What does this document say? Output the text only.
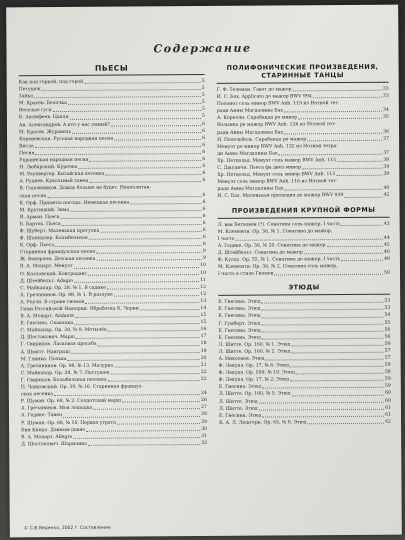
Содержание
ПЬЕСЫ
Как под горкой, под горой	5
Петушок	5
Зайка	5
М. Красев. Белочка	5
Веселые гуси	5
Б. Антюфеев. Цапля	5
Ан. Александров. А кто у нас умный?	6
М. Красев. Журавель	6
Кореневская. Русская народная песня	6
Висла	6
Песня	6
Украинская народная песня	6
Н. Любарский. Курочка	6
М. Раухвергер. Китайская песенка	6
А. Руднев. Кукольный танец	6
В. Сапожников. Дождь больше не будет. Неаполитан-
ская песня	6
К. Орф. Приметы погоды. Немецкая песенка	6
М. Крутицкий. Зима	6
Я. Арман. Пьеса	6
Б. Барток. Пьеса	6
Ф. Шуберт. Маленькая прогулка	6
Ф. Шпиндлер. Колыбельная	6
К. Орф. Пьеса	8
Старинная французская песня	9
Ж. Векерлен. Детская песенка	9
В. А. Моцарт. Менуэт	10
О. Козловский. Контраданс	10
Д. Штейбельт. Adagio	11
С. Майкапар. Ор. 28, № 1. В садике	12
А. Гречанинов. Ор. 98, № 1. В разлуке	12
А. Роули. В стране гномов	13
Гимн Российской Империи. Обработка К. Черни	14
В. А. Моцарт. Andante	15
Е. Гнесина. Скакалка	15
С. Майкапар. Ор. 28, № 8. Мотылёк	16
Д. Шостакович. Марш	17
Г. Свиридов. Ласковая просьба	18
А. Шмитт. Наигрыш	19
М. Глинка. Полька	20
А. Гречанинов. Ор. 98, № 13. Мазурка	21
С. Майкапар. Ор. 28, № 7. Пастушок	22
Г. Свиридов. Колыбельная песенка	22
П. Чайковский. Ор. 39, № 16. Старинная француз-
ская песенка	24
Р. Шуман. Ор. 68, № 2. Солдатский марш	26
А. Гречанинов. Моя лошадка	27
А. Гедике. Танец	28
Р. Шуман. Ор. 68, № 16. Первая утрата	29
Бин Киндо. Давным-давно	30
В. А. Моцарт. Allegro	31
Д. Шостакович. Шарманка	32
ПОЛИФОНИЧЕСКИЕ ПРОИЗВЕДЕНИЯ,
СТАРИННЫЕ ТАНЦЫ
Г. Ф. Телеман. Гавот до мажор	33
И. С. Бах. Applicato до мажор BWV 994	33
Полонез соль минор BWV Anh. 119 из Нотной тет-
ради Анны Магдалины Бах	34
А. Корелли. Сарабанда ре минор	35
Волынка ре мажор BWV Anh. 126 из Нотной тет-
ради Анны Магдалины Бах	36
И. Пахельбель. Сарабанда ре мажор	37
Менуэт ре минор BWV Anh. 132 из Нотной тетра-
ди Анны Магдалины Бах	37
Хр. Петцольд. Менуэт соль мажор BWV Anh. 115	38
С. Джудичи. Пьеса фа диез минор	39
Хр. Петцольд. Менуэт соль минор BWV Anh. 115	39
Менуэт соль минор BWV Anh. 116 из Нотной тет-
ради Анны Магдалины Бах	40
И. С. Бах. Маленькая прелюдия до мажор BWV 939	42
ПРОИЗВЕДЕНИЯ КРУПНОЙ ФОРМЫ
Л. ван Бетховен (?). Сонатина соль мажор, I часть	43
М. Клементи. Ор. 36, № 1. Сонатина до мажор,
I часть	44
А. Гедике. Ор. 36, № 20. Сонатина до мажор	45
Д. Штейбельт. Сонатина до мажор	46
Ф. Кулау. Ор. 55, № 1. Сонатина до мажор, I часть	48
М. Клементи. Ор. 36, № 2. Сонатина соль мажор,
I часть в стиле Гномов	50
ЭТЮДЫ
Е. Гнесина. Этюд	53
Е. Гнесина. Этюд	53
Е. Гнесина. Этюд	54
Г. Гумберт. Этюд	55
Е. Гнесина. Этюд	56
Е. Гнесина. Этюд	56
Л. Шитте. Ор. 160, № 1. Этюд	56
Л. Шитте. Ор. 160, № 2. Этюд	57
А. Николаев. Этюд	57
Ф. Лекупэ. Ор. 17, № 6. Этюд	58
Ф. Лекупэ. Ор. 599, № 19. Этюд	58
Ф. Лекупэ. Ор. 17, № 2. Этюд	59
Е. Гнесина. Этюд	59
Л. Шитте. Ор. 160, № 5. Этюд	60
Л. Шитте. Этюд	60
Л. Шитте. Этюд	61
Е. Гнесина. Этюд	61
К. А. Л. Лешгорн. Ор. 65, № 8. Этюд	62
© С.В.Веденко, 2002 г. Составление
